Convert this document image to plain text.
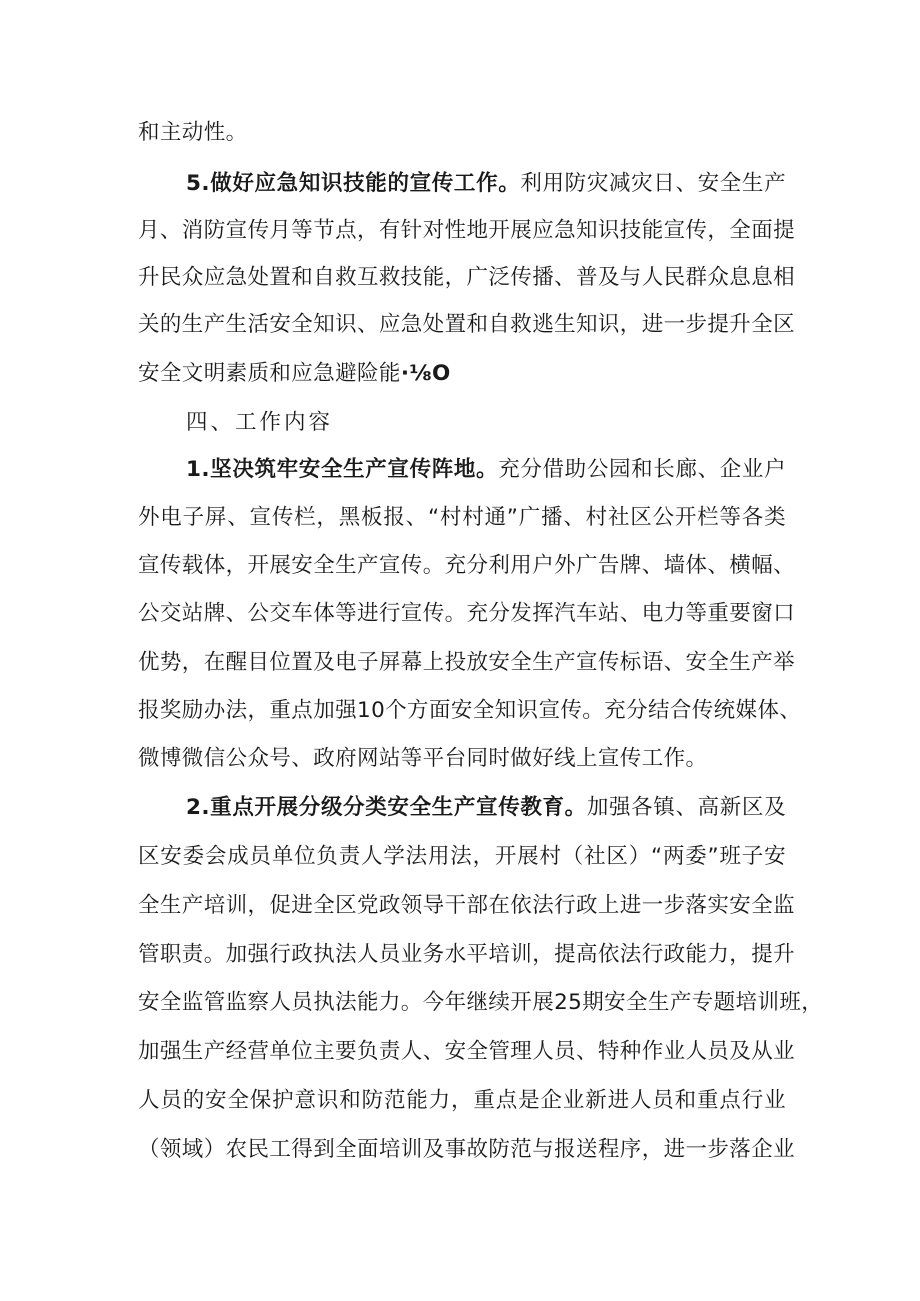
和主动性。
5.做好应急知识技能的宣传工作。利用防灾减灾日、安全生产
月、消防宣传月等节点，有针对性地开展应急知识技能宣传，全面提
升民众应急处置和自救互救技能，广泛传播、普及与人民群众息息相
关的生产生活安全知识、应急处置和自救逃生知识，进一步提升全区
安全文明素质和应急避险能∙⅛O
四、工作内容
1.坚决筑牢安全生产宣传阵地。充分借助公园和长廊、企业户
外电子屏、宣传栏，黑板报、“村村通”广播、村社区公开栏等各类
宣传载体，开展安全生产宣传。充分利用户外广告牌、墙体、横幅、
公交站牌、公交车体等进行宣传。充分发挥汽车站、电力等重要窗口
优势，在醒目位置及电子屏幕上投放安全生产宣传标语、安全生产举
报奖励办法，重点加强10个方面安全知识宣传。充分结合传统媒体、
微博微信公众号、政府网站等平台同时做好线上宣传工作。
2.重点开展分级分类安全生产宣传教育。加强各镇、高新区及
区安委会成员单位负责人学法用法，开展村（社区）“两委”班子安
全生产培训，促进全区党政领导干部在依法行政上进一步落实安全监
管职责。加强行政执法人员业务水平培训，提高依法行政能力，提升
安全监管监察人员执法能力。今年继续开展25期安全生产专题培训班，
加强生产经营单位主要负责人、安全管理人员、特种作业人员及从业
人员的安全保护意识和防范能力，重点是企业新进人员和重点行业
（领域）农民工得到全面培训及事故防范与报送程序，进一步落企业
